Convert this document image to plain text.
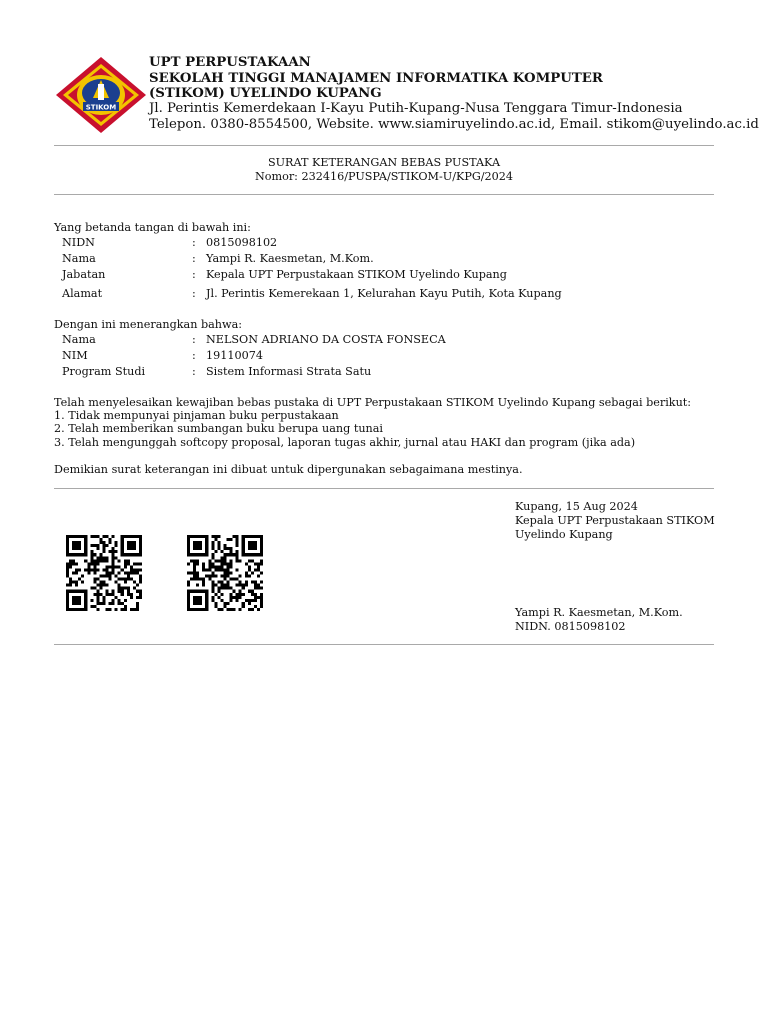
STIKOM
UPT PERPUSTAKAAN
SEKOLAH TINGGI MANAJAMEN INFORMATIKA KOMPUTER
(STIKOM) UYELINDO KUPANG
Jl. Perintis Kemerdekaan I-Kayu Putih-Kupang-Nusa Tenggara Timur-Indonesia
Telepon. 0380-8554500, Website. www.siamiruyelindo.ac.id, Email. stikom@uyelindo.ac.id
SURAT KETERANGAN BEBAS PUSTAKA
Nomor: 232416/PUSPA/STIKOM-U/KPG/2024
Yang betanda tangan di bawah ini:
NIDN	: 0815098102
Nama	: Yampi R. Kaesmetan, M.Kom.
Jabatan	: Kepala UPT Perpustakaan STIKOM Uyelindo Kupang
Alamat	: Jl. Perintis Kemerekaan 1, Kelurahan Kayu Putih, Kota Kupang
Dengan ini menerangkan bahwa:
Nama	: NELSON ADRIANO DA COSTA FONSECA
NIM	: 19110074
Program Studi	: Sistem Informasi Strata Satu
Telah menyelesaikan kewajiban bebas pustaka di UPT Perpustakaan STIKOM Uyelindo Kupang sebagai berikut:
1. Tidak mempunyai pinjaman buku perpustakaan
2. Telah memberikan sumbangan buku berupa uang tunai
3. Telah mengunggah softcopy proposal, laporan tugas akhir, jurnal atau HAKI dan program (jika ada)
Demikian surat keterangan ini dibuat untuk dipergunakan sebagaimana mestinya.
Kupang, 15 Aug 2024
Kepala UPT Perpustakaan STIKOM
Uyelindo Kupang
Yampi R. Kaesmetan, M.Kom.
NIDN. 0815098102
